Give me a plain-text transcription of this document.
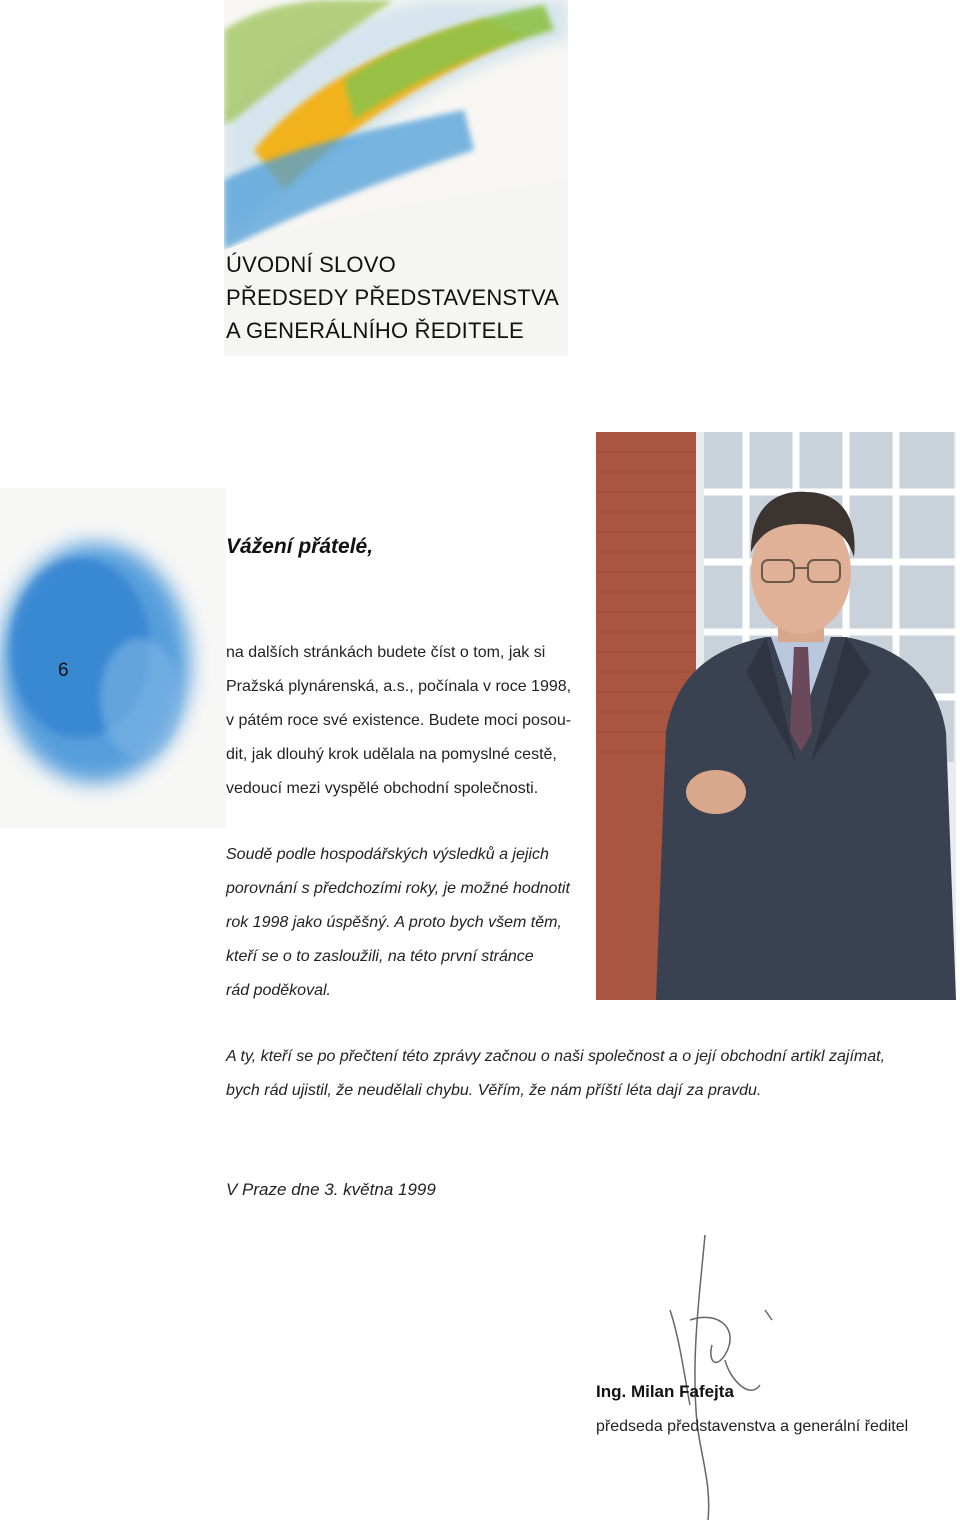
ÚVODNÍ SLOVO
PŘEDSEDY PŘEDSTAVENSTVA
A GENERÁLNÍHO ŘEDITELE
Vážení přátelé,
6
na dalších stránkách budete číst o tom, jak si
Pražská plynárenská, a.s., počínala v roce 1998,
v pátém roce své existence. Budete moci posou-
dit, jak dlouhý krok udělala na pomyslné cestě,
vedoucí mezi vyspělé obchodní společnosti.
Soudě podle hospodářských výsledků a jejich
porovnání s předchozími roky, je možné hodnotit
rok 1998 jako úspěšný. A proto bych všem těm,
kteří se o to zasloužili, na této první stránce
rád poděkoval.
A ty, kteří se po přečtení této zprávy začnou o naši společnost a o její obchodní artikl zajímat,
bych rád ujistil, že neudělali chybu. Věřím, že nám příští léta dají za pravdu.
V Praze dne 3. května 1999
Ing. Milan Fafejta
předseda představenstva a generální ředitel
